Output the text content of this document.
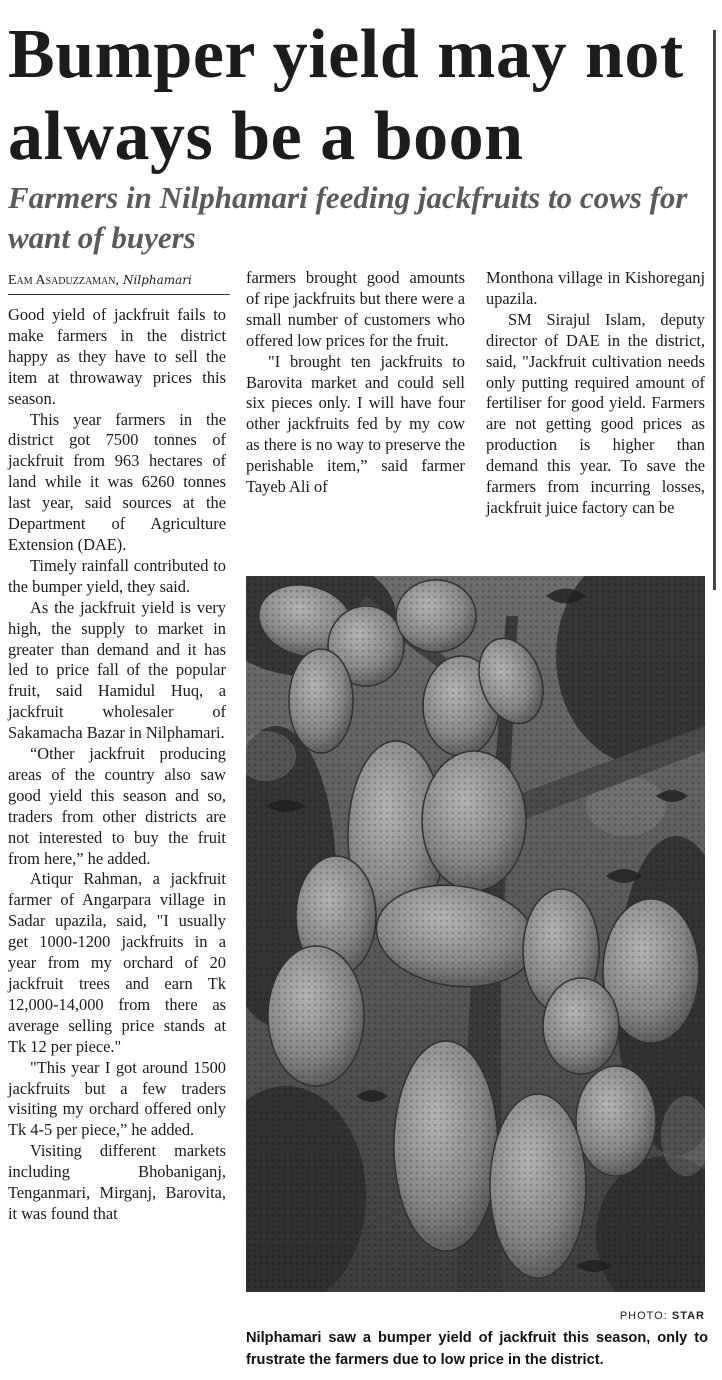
Bumper yield may not always be a boon
Farmers in Nilphamari feeding jackfruits to cows for want of buyers
Eam Asaduzzaman, Nilphamari

Good yield of jackfruit fails to make farmers in the district happy as they have to sell the item at throwaway prices this season.

This year farmers in the district got 7500 tonnes of jackfruit from 963 hectares of land while it was 6260 tonnes last year, said sources at the Department of Agriculture Extension (DAE).

Timely rainfall contributed to the bumper yield, they said.

As the jackfruit yield is very high, the supply to market in greater than demand and it has led to price fall of the popular fruit, said Hamidul Huq, a jackfruit wholesaler of Sakamacha Bazar in Nilphamari.

“Other jackfruit producing areas of the country also saw good yield this season and so, traders from other districts are not interested to buy the fruit from here,” he added.

Atiqur Rahman, a jackfruit farmer of Angarpara village in Sadar upazila, said, "I usually get 1000-1200 jackfruits in a year from my orchard of 20 jackfruit trees and earn Tk 12,000-14,000 from there as average selling price stands at Tk 12 per piece."

"This year I got around 1500 jackfruits but a few traders visiting my orchard offered only Tk 4-5 per piece,” he added.

Visiting different markets including Bhobaniganj, Tenganmari, Mirganj, Barovita, it was found that

farmers brought good amounts of ripe jackfruits but there were a small number of customers who offered low prices for the fruit.

"I brought ten jackfruits to Barovita market and could sell six pieces only. I will have four other jackfruits fed by my cow as there is no way to preserve the perishable item,” said farmer Tayeb Ali of

Monthona village in Kishoreganj upazila.

SM Sirajul Islam, deputy director of DAE in the district, said, "Jackfruit cultivation needs only putting required amount of fertiliser for good yield. Farmers are not getting good prices as production is higher than demand this year. To save the farmers from incurring losses, jackfruit juice factory can be

PHOTO: STAR
Nilphamari saw a bumper yield of jackfruit this season, only to frustrate the farmers due to low price in the district.
